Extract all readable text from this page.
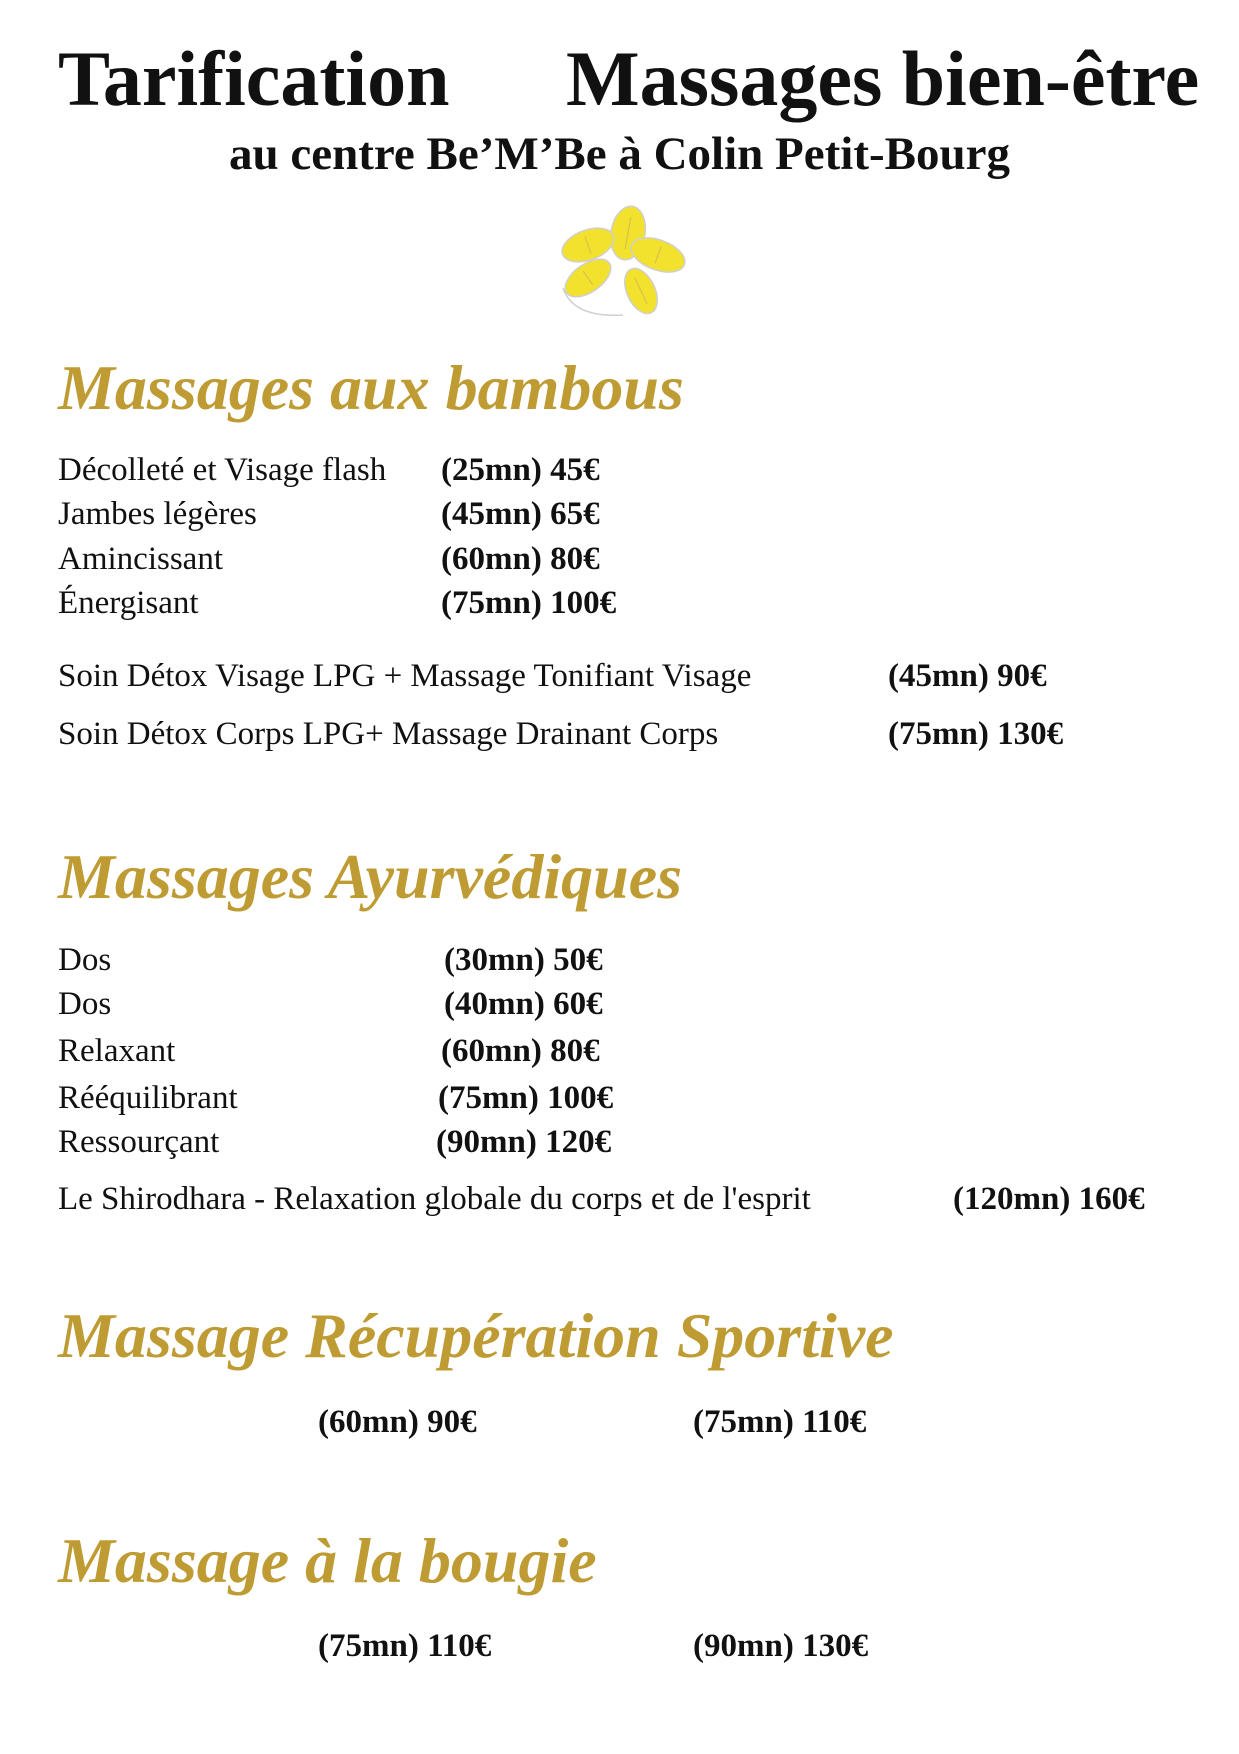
Tarification Massages bien-être
au centre Be’M’Be à Colin Petit-Bourg
Massages aux bambous
Décolleté et Visage flash (25mn) 45€
Jambes légères	(45mn) 65€
Amincissant	(60mn) 80€
Énergisant	(75mn) 100€
Soin Détox Visage LPG + Massage Tonifiant Visage	(45mn) 90€
Soin Détox Corps LPG+ Massage Drainant Corps	(75mn) 130€
Massages Ayurvédiques
Dos	(30mn) 50€
Dos	(40mn) 60€
Relaxant	(60mn) 80€
Rééquilibrant	(75mn) 100€
Ressourçant	(90mn) 120€
Le Shirodhara - Relaxation globale du corps et de l'esprit	(120mn) 160€
Massage Récupération Sportive
(60mn) 90€	(75mn) 110€
Massage à la bougie
(75mn) 110€	(90mn) 130€
